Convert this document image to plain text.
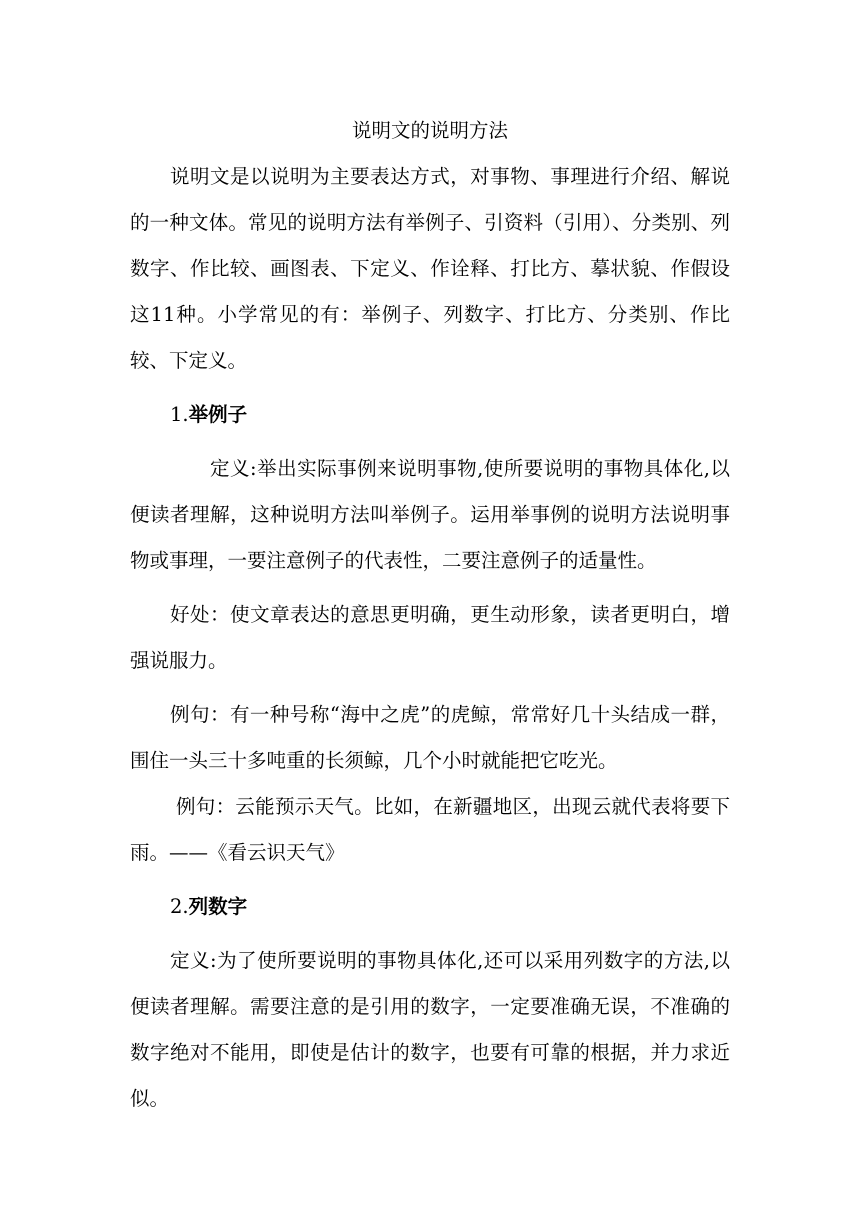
说明文的说明方法

说明文是以说明为主要表达方式，对事物、事理进行介绍、解说的一种文体。常见的说明方法有举例子、引资料（引用）、分类别、列数字、作比较、画图表、下定义、作诠释、打比方、摹状貌、作假设这11种。小学常见的有：举例子、列数字、打比方、分类别、作比较、下定义。

1.举例子

定义:举出实际事例来说明事物,使所要说明的事物具体化,以便读者理解，这种说明方法叫举例子。运用举事例的说明方法说明事物或事理，一要注意例子的代表性，二要注意例子的适量性。

好处：使文章表达的意思更明确，更生动形象，读者更明白，增强说服力。

例句：有一种号称“海中之虎”的虎鲸，常常好几十头结成一群，围住一头三十多吨重的长须鲸，几个小时就能把它吃光。

例句：云能预示天气。比如，在新疆地区，出现云就代表将要下雨。——《看云识天气》

2.列数字

定义:为了使所要说明的事物具体化,还可以采用列数字的方法,以便读者理解。需要注意的是引用的数字，一定要准确无误，不准确的数字绝对不能用，即使是估计的数字，也要有可靠的根据，并力求近似。
